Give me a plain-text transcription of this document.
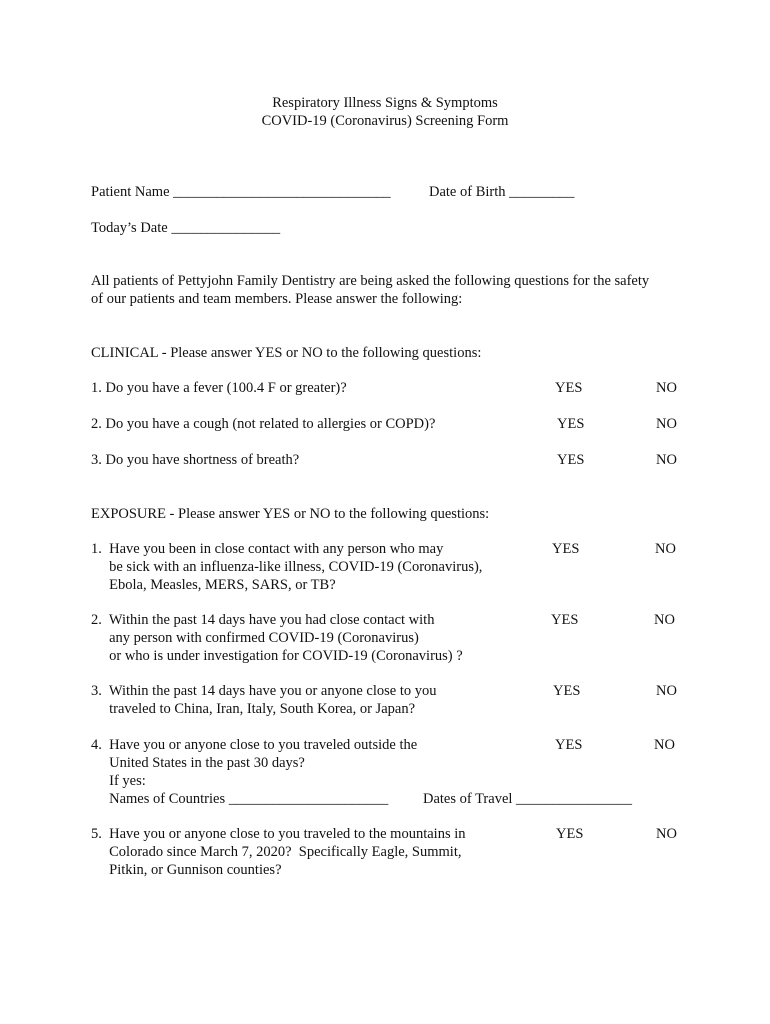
Respiratory Illness Signs & Symptoms
COVID-19 (Coronavirus) Screening Form
Patient Name ______________________________	Date of Birth _________
Today’s Date _______________
All patients of Pettyjohn Family Dentistry are being asked the following questions for the safety
of our patients and team members. Please answer the following:
CLINICAL - Please answer YES or NO to the following questions:
1. Do you have a fever (100.4 F or greater)?	YES	NO
2. Do you have a cough (not related to allergies or COPD)?	YES	NO
3. Do you have shortness of breath?	YES	NO
EXPOSURE - Please answer YES or NO to the following questions:
1.  Have you been in close contact with any person who may
be sick with an influenza-like illness, COVID-19 (Coronavirus),
Ebola, Measles, MERS, SARS, or TB?
YES	NO
2.  Within the past 14 days have you had close contact with
any person with confirmed COVID-19 (Coronavirus)
or who is under investigation for COVID-19 (Coronavirus) ?
YES	NO
3.  Within the past 14 days have you or anyone close to you
traveled to China, Iran, Italy, South Korea, or Japan?
YES	NO
4.  Have you or anyone close to you traveled outside the
United States in the past 30 days?
If yes:
Names of Countries ______________________ Dates of Travel ________________
YES	NO
5.  Have you or anyone close to you traveled to the mountains in
Colorado since March 7, 2020?  Specifically Eagle, Summit,
Pitkin, or Gunnison counties?
YES	NO
